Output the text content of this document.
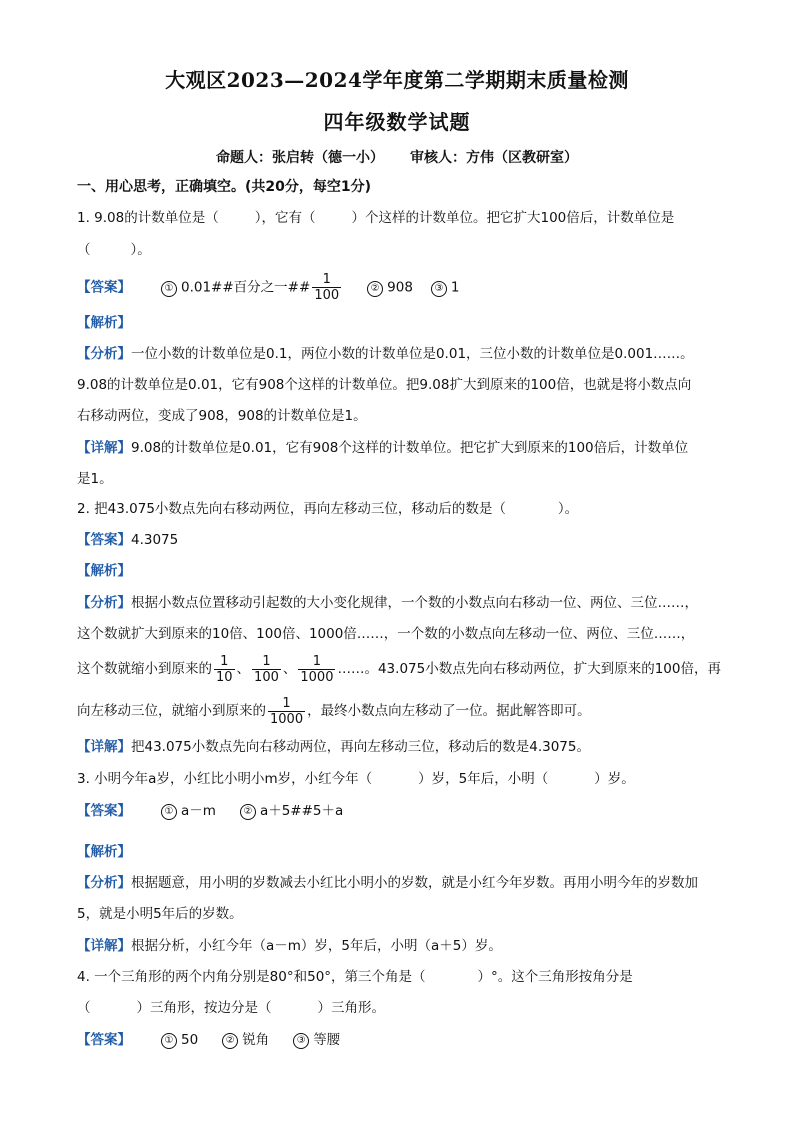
大观区2023—2024学年度第二学期期末质量检测
四年级数学试题
命题人：张启转（德一小） 审核人：方伟（区教研室）
一、用心思考，正确填空。(共20分，每空1分)
1. 9.08的计数单位是（	），它有（	）个这样的计数单位。把它扩大100倍后，计数单位是
（	）。
【答案】	① 0.01##百分之一## $\frac{1}{100}$	② 908 ③ 1
【解析】
【分析】一位小数的计数单位是0.1，两位小数的计数单位是0.01，三位小数的计数单位是0.001……。
9.08的计数单位是0.01，它有908个这样的计数单位。把9.08扩大到原来的100倍，也就是将小数点向
右移动两位，变成了908，908的计数单位是1。
【详解】9.08的计数单位是0.01，它有908个这样的计数单位。把它扩大到原来的100倍后，计数单位
是1。
2. 把43.075小数点先向右移动两位，再向左移动三位，移动后的数是（	）。
【答案】4.3075
【解析】
【分析】根据小数点位置移动引起数的大小变化规律，一个数的小数点向右移动一位、两位、三位……，
这个数就扩大到原来的10倍、100倍、1000倍……，一个数的小数点向左移动一位、两位、三位……，
这个数就缩小到原来的 $\frac{1}{10}$ 、 $\frac{1}{100}$ 、 $\frac{1}{1000}$ ……。43.075小数点先向右移动两位，扩大到原来的100倍，再
向左移动三位，就缩小到原来的 $\frac{1}{1000}$ ，最终小数点向左移动了一位。据此解答即可。
【详解】把43.075小数点先向右移动两位，再向左移动三位，移动后的数是4.3075。
3. 小明今年a岁，小红比小明小m岁，小红今年（	）岁，5年后，小明（	）岁。
【答案】	① a－m	② a＋5##5＋a
【解析】
【分析】根据题意，用小明的岁数减去小红比小明小的岁数，就是小红今年岁数。再用小明今年的岁数加
5，就是小明5年后的岁数。
【详解】根据分析，小红今年（a－m）岁，5年后，小明（a＋5）岁。
4. 一个三角形的两个内角分别是80°和50°，第三个角是（	）°。这个三角形按角分是
（	）三角形，按边分是（	）三角形。
【答案】	① 50	② 锐角	③ 等腰
